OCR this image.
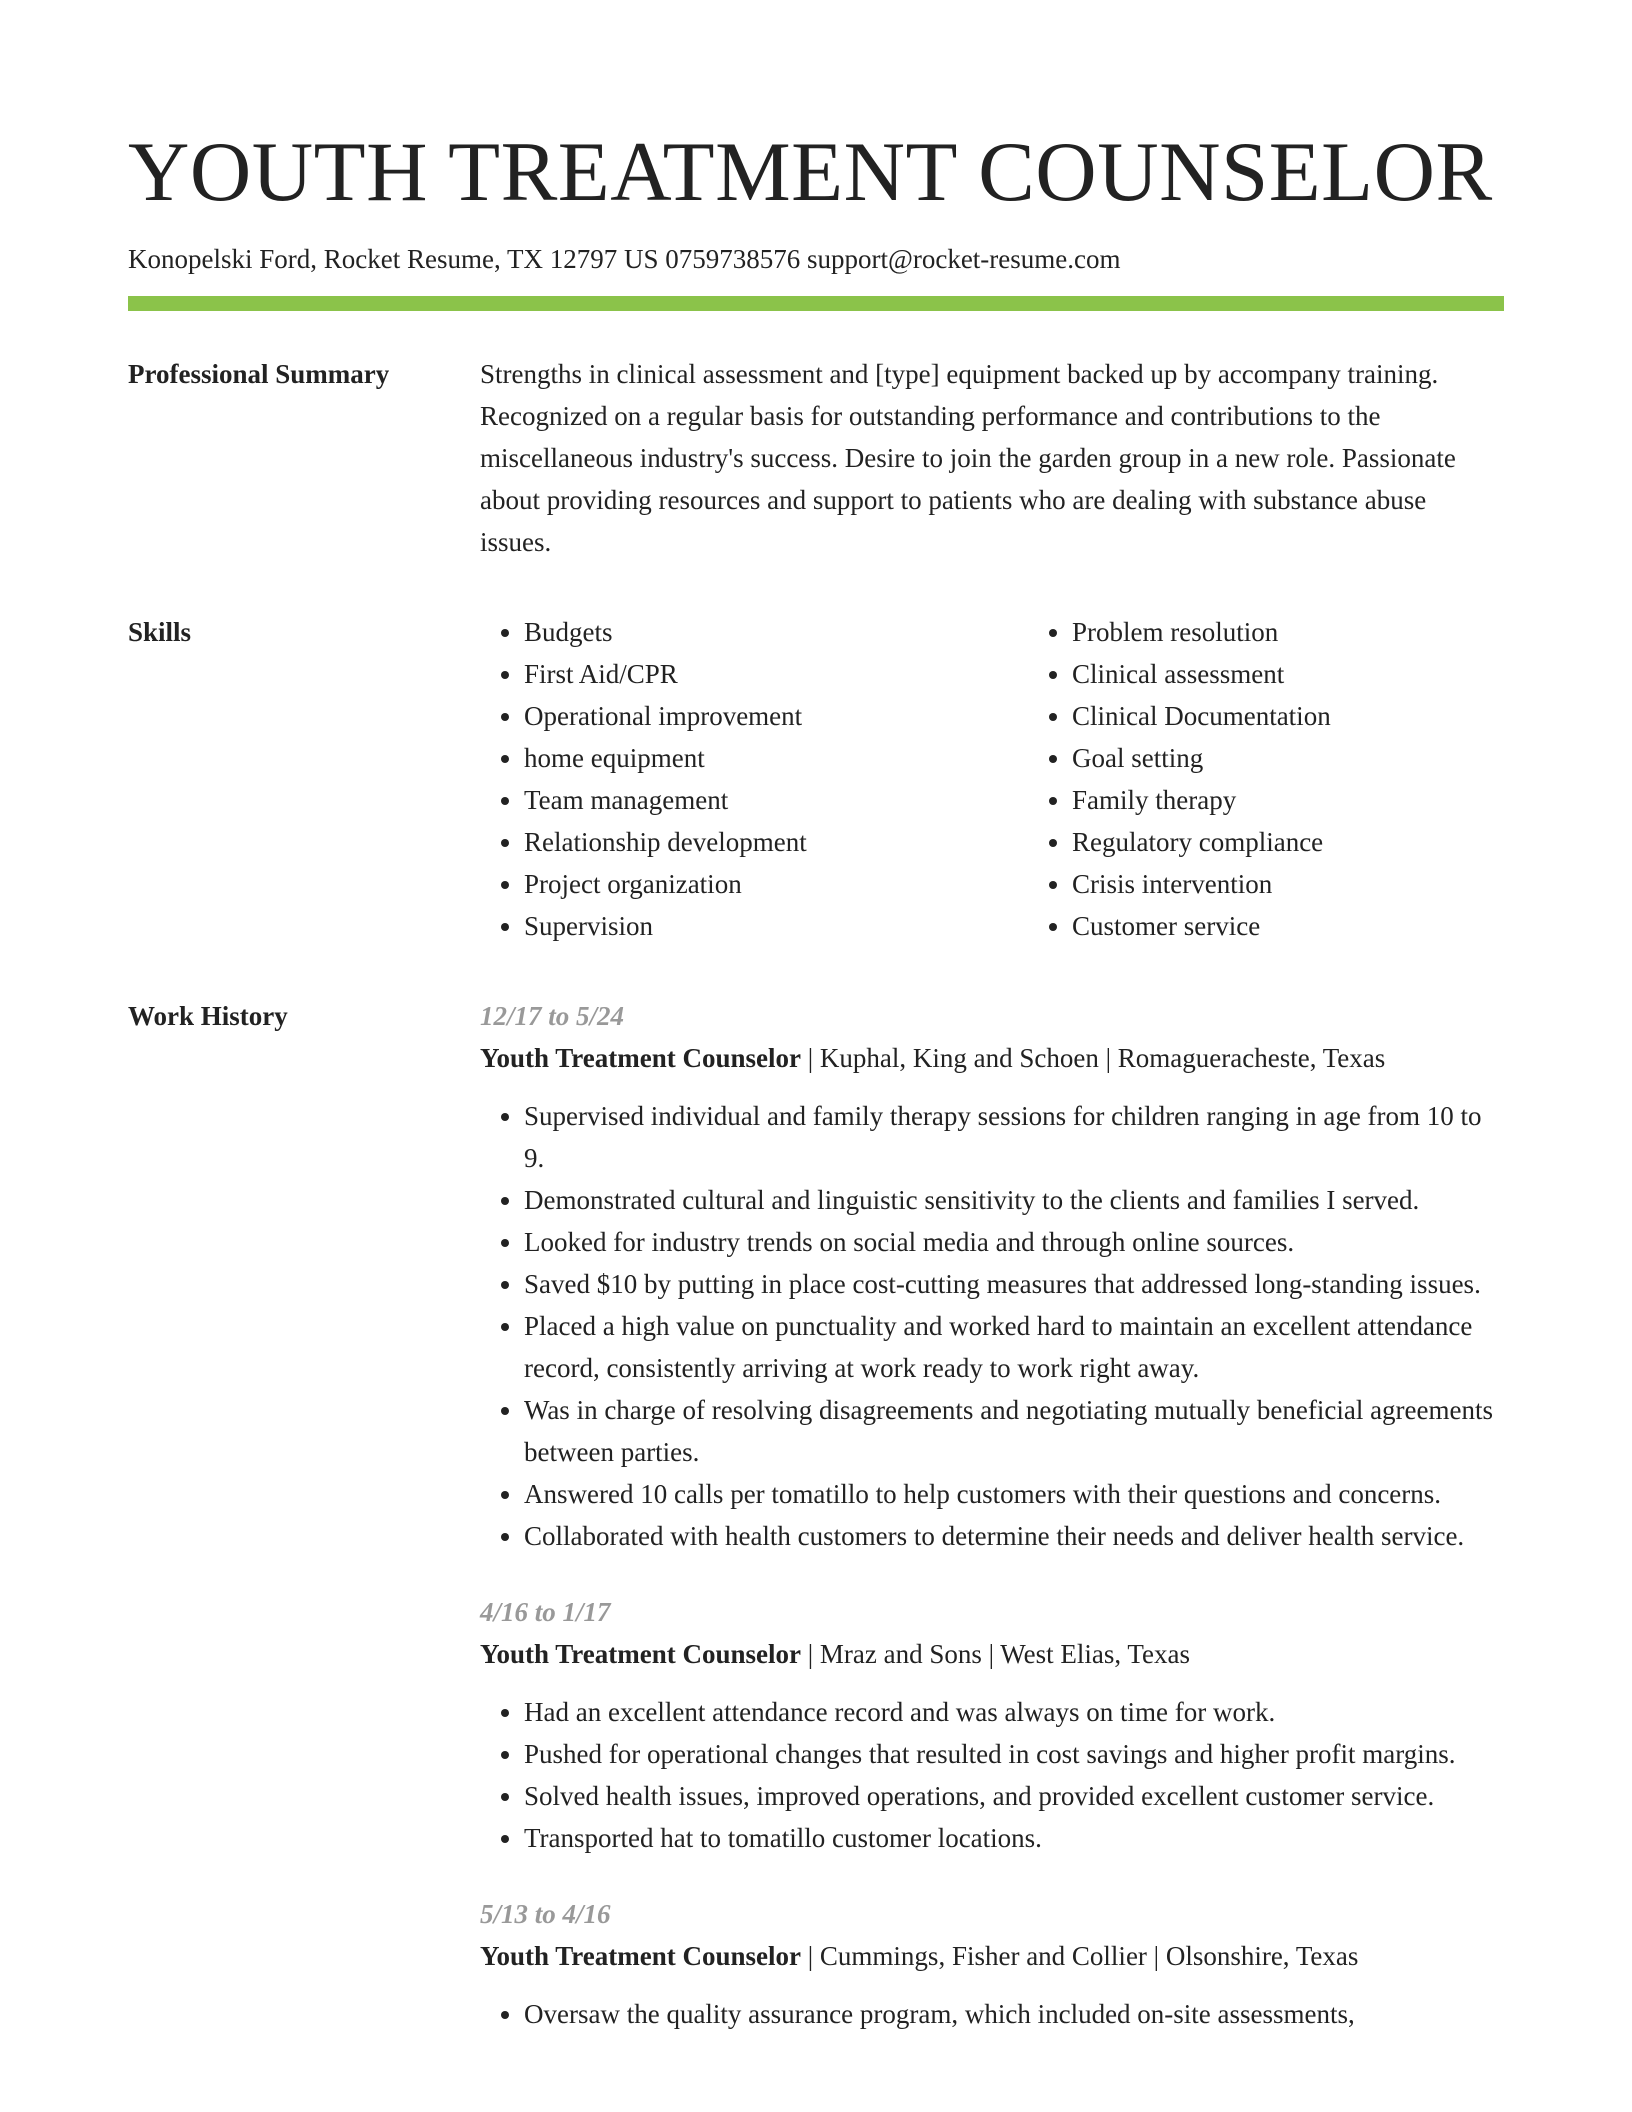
YOUTH TREATMENT COUNSELOR
Konopelski Ford, Rocket Resume, TX 12797 US 0759738576 support@rocket-resume.com
Professional Summary	Strengths in clinical assessment and [type] equipment backed up by accompany training. Recognized on a regular basis for outstanding performance and contributions to the miscellaneous industry's success. Desire to join the garden group in a new role. Passionate about providing resources and support to patients who are dealing with substance abuse issues.

Skills
•	Budgets
• First Aid/CPR
• Operational improvement
• home equipment
• Team management
• Relationship development
• Project organization
• Supervision
• Problem resolution
• Clinical assessment
• Clinical Documentation
• Goal setting
• Family therapy
• Regulatory compliance
• Crisis intervention
• Customer service
Work History	12/17 to 5/24
Youth Treatment Counselor | Kuphal, King and Schoen | Romagueracheste, Texas
• Supervised individual and family therapy sessions for children ranging in age from 10 to 9.
• Demonstrated cultural and linguistic sensitivity to the clients and families I served.
• Looked for industry trends on social media and through online sources.
• Saved $10 by putting in place cost-cutting measures that addressed long-standing issues.
• Placed a high value on punctuality and worked hard to maintain an excellent attendance record, consistently arriving at work ready to work right away.
• Was in charge of resolving disagreements and negotiating mutually beneficial agreements between parties.
• Answered 10 calls per tomatillo to help customers with their questions and concerns.
• Collaborated with health customers to determine their needs and deliver health service.
4/16 to 1/17
Youth Treatment Counselor | Mraz and Sons | West Elias, Texas
• Had an excellent attendance record and was always on time for work.
• Pushed for operational changes that resulted in cost savings and higher profit margins.
• Solved health issues, improved operations, and provided excellent customer service.
• Transported hat to tomatillo customer locations.
5/13 to 4/16
Youth Treatment Counselor | Cummings, Fisher and Collier | Olsonshire, Texas
• Oversaw the quality assurance program, which included on-site assessments,
